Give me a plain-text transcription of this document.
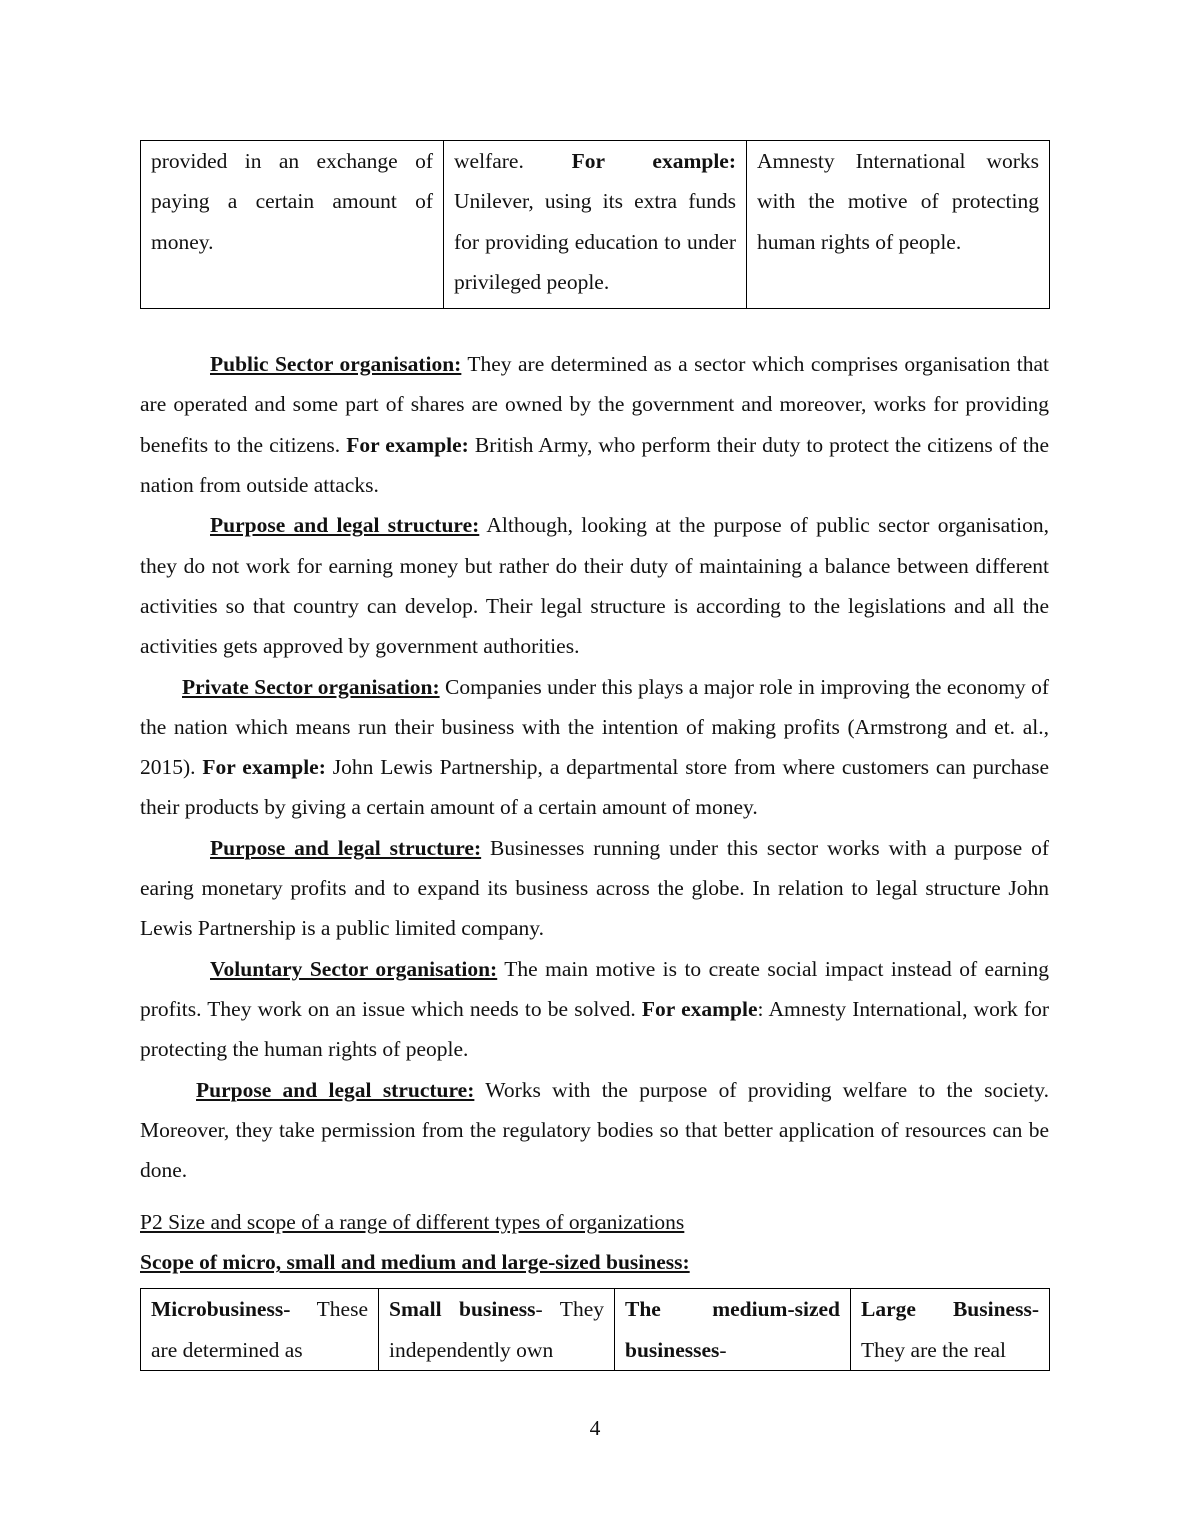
provided in an exchange of paying a certain amount of money.	welfare. For example: Unilever, using its extra funds for providing education to under privileged people.	Amnesty International works with the motive of protecting human rights of people.

Public Sector organisation: They are determined as a sector which comprises organisation that are operated and some part of shares are owned by the government and moreover, works for providing benefits to the citizens. For example: British Army, who perform their duty to protect the citizens of the nation from outside attacks.

Purpose and legal structure: Although, looking at the purpose of public sector organisation, they do not work for earning money but rather do their duty of maintaining a balance between different activities so that country can develop. Their legal structure is according to the legislations and all the activities gets approved by government authorities.

Private Sector organisation: Companies under this plays a major role in improving the economy of the nation which means run their business with the intention of making profits (Armstrong and et. al., 2015). For example: John Lewis Partnership, a departmental store from where customers can purchase their products by giving a certain amount of a certain amount of money.

Purpose and legal structure: Businesses running under this sector works with a purpose of earing monetary profits and to expand its business across the globe. In relation to legal structure John Lewis Partnership is a public limited company.

Voluntary Sector organisation: The main motive is to create social impact instead of earning profits. They work on an issue which needs to be solved. For example: Amnesty International, work for protecting the human rights of people.

Purpose and legal structure: Works with the purpose of providing welfare to the society. Moreover, they take permission from the regulatory bodies so that better application of resources can be done.

P2 Size and scope of a range of different types of organizations

Scope of micro, small and medium and large-sized business:

Microbusiness- These are determined as	Small business- They independently own	The medium-sized businesses-	Large Business- They are the real
4
